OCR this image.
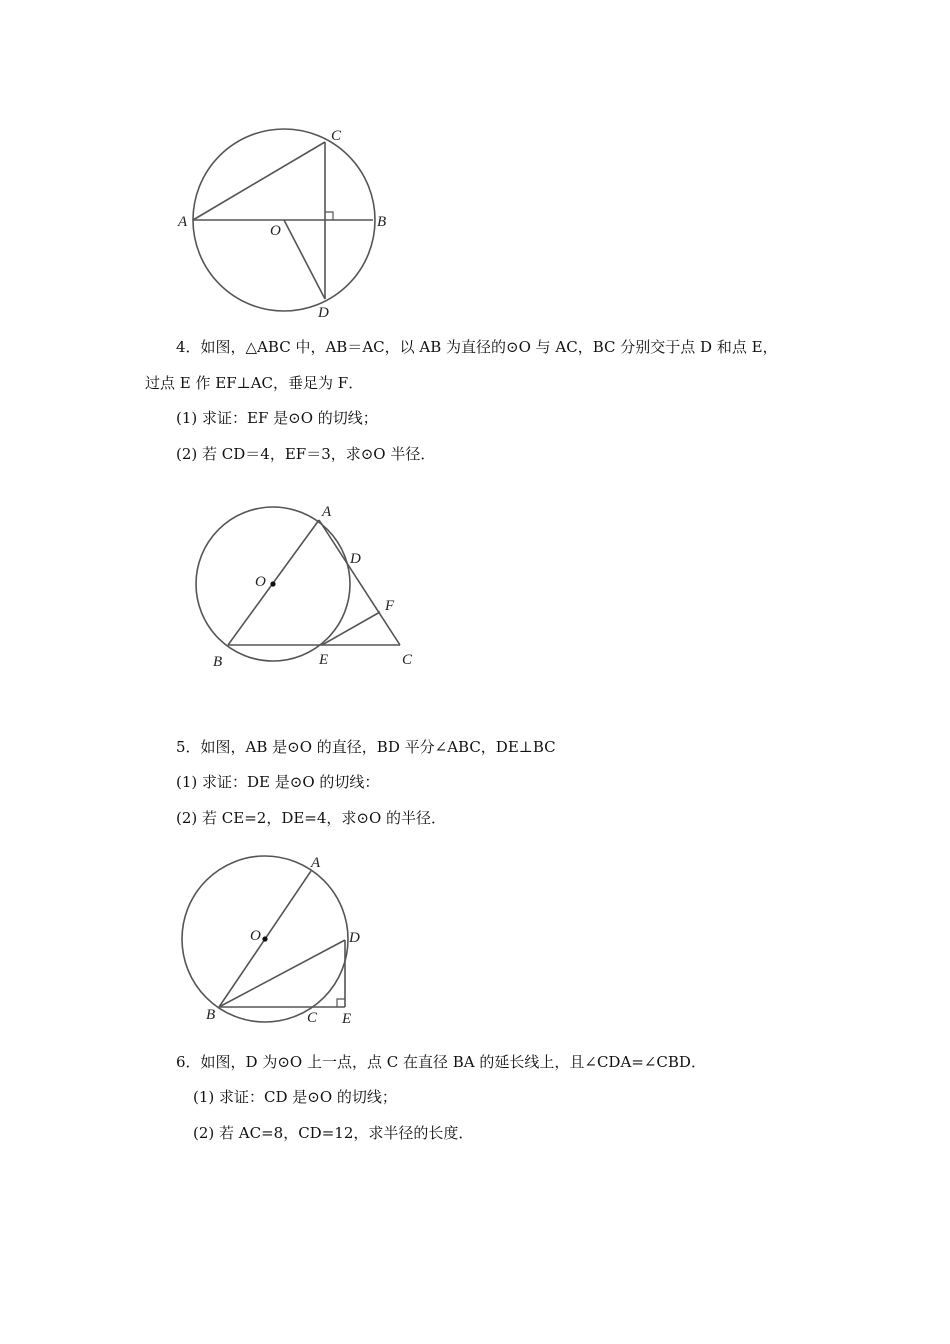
A	B
C
D
O
4．如图，△ABC 中，AB＝AC，以 AB 为直径的⊙O 与 AC，BC 分别交于点 D 和点 E，
过点 E 作 EF⊥AC，垂足为 F．
(1) 求证：EF 是⊙O 的切线；
(2) 若 CD＝4，EF＝3，求⊙O 半径．
A
D
F
O
B	E	C
5．如图，AB 是⊙O 的直径，BD 平分∠ABC，DE⊥BC
(1) 求证：DE 是⊙O 的切线：
(2) 若 CE=2，DE=4，求⊙O 的半径．
A
O	D
B	C E
6．如图，D 为⊙O 上一点，点 C 在直径 BA 的延长线上，且∠CDA=∠CBD．
(1) 求证：CD 是⊙O 的切线；
(2) 若 AC=8，CD=12，求半径的长度．
